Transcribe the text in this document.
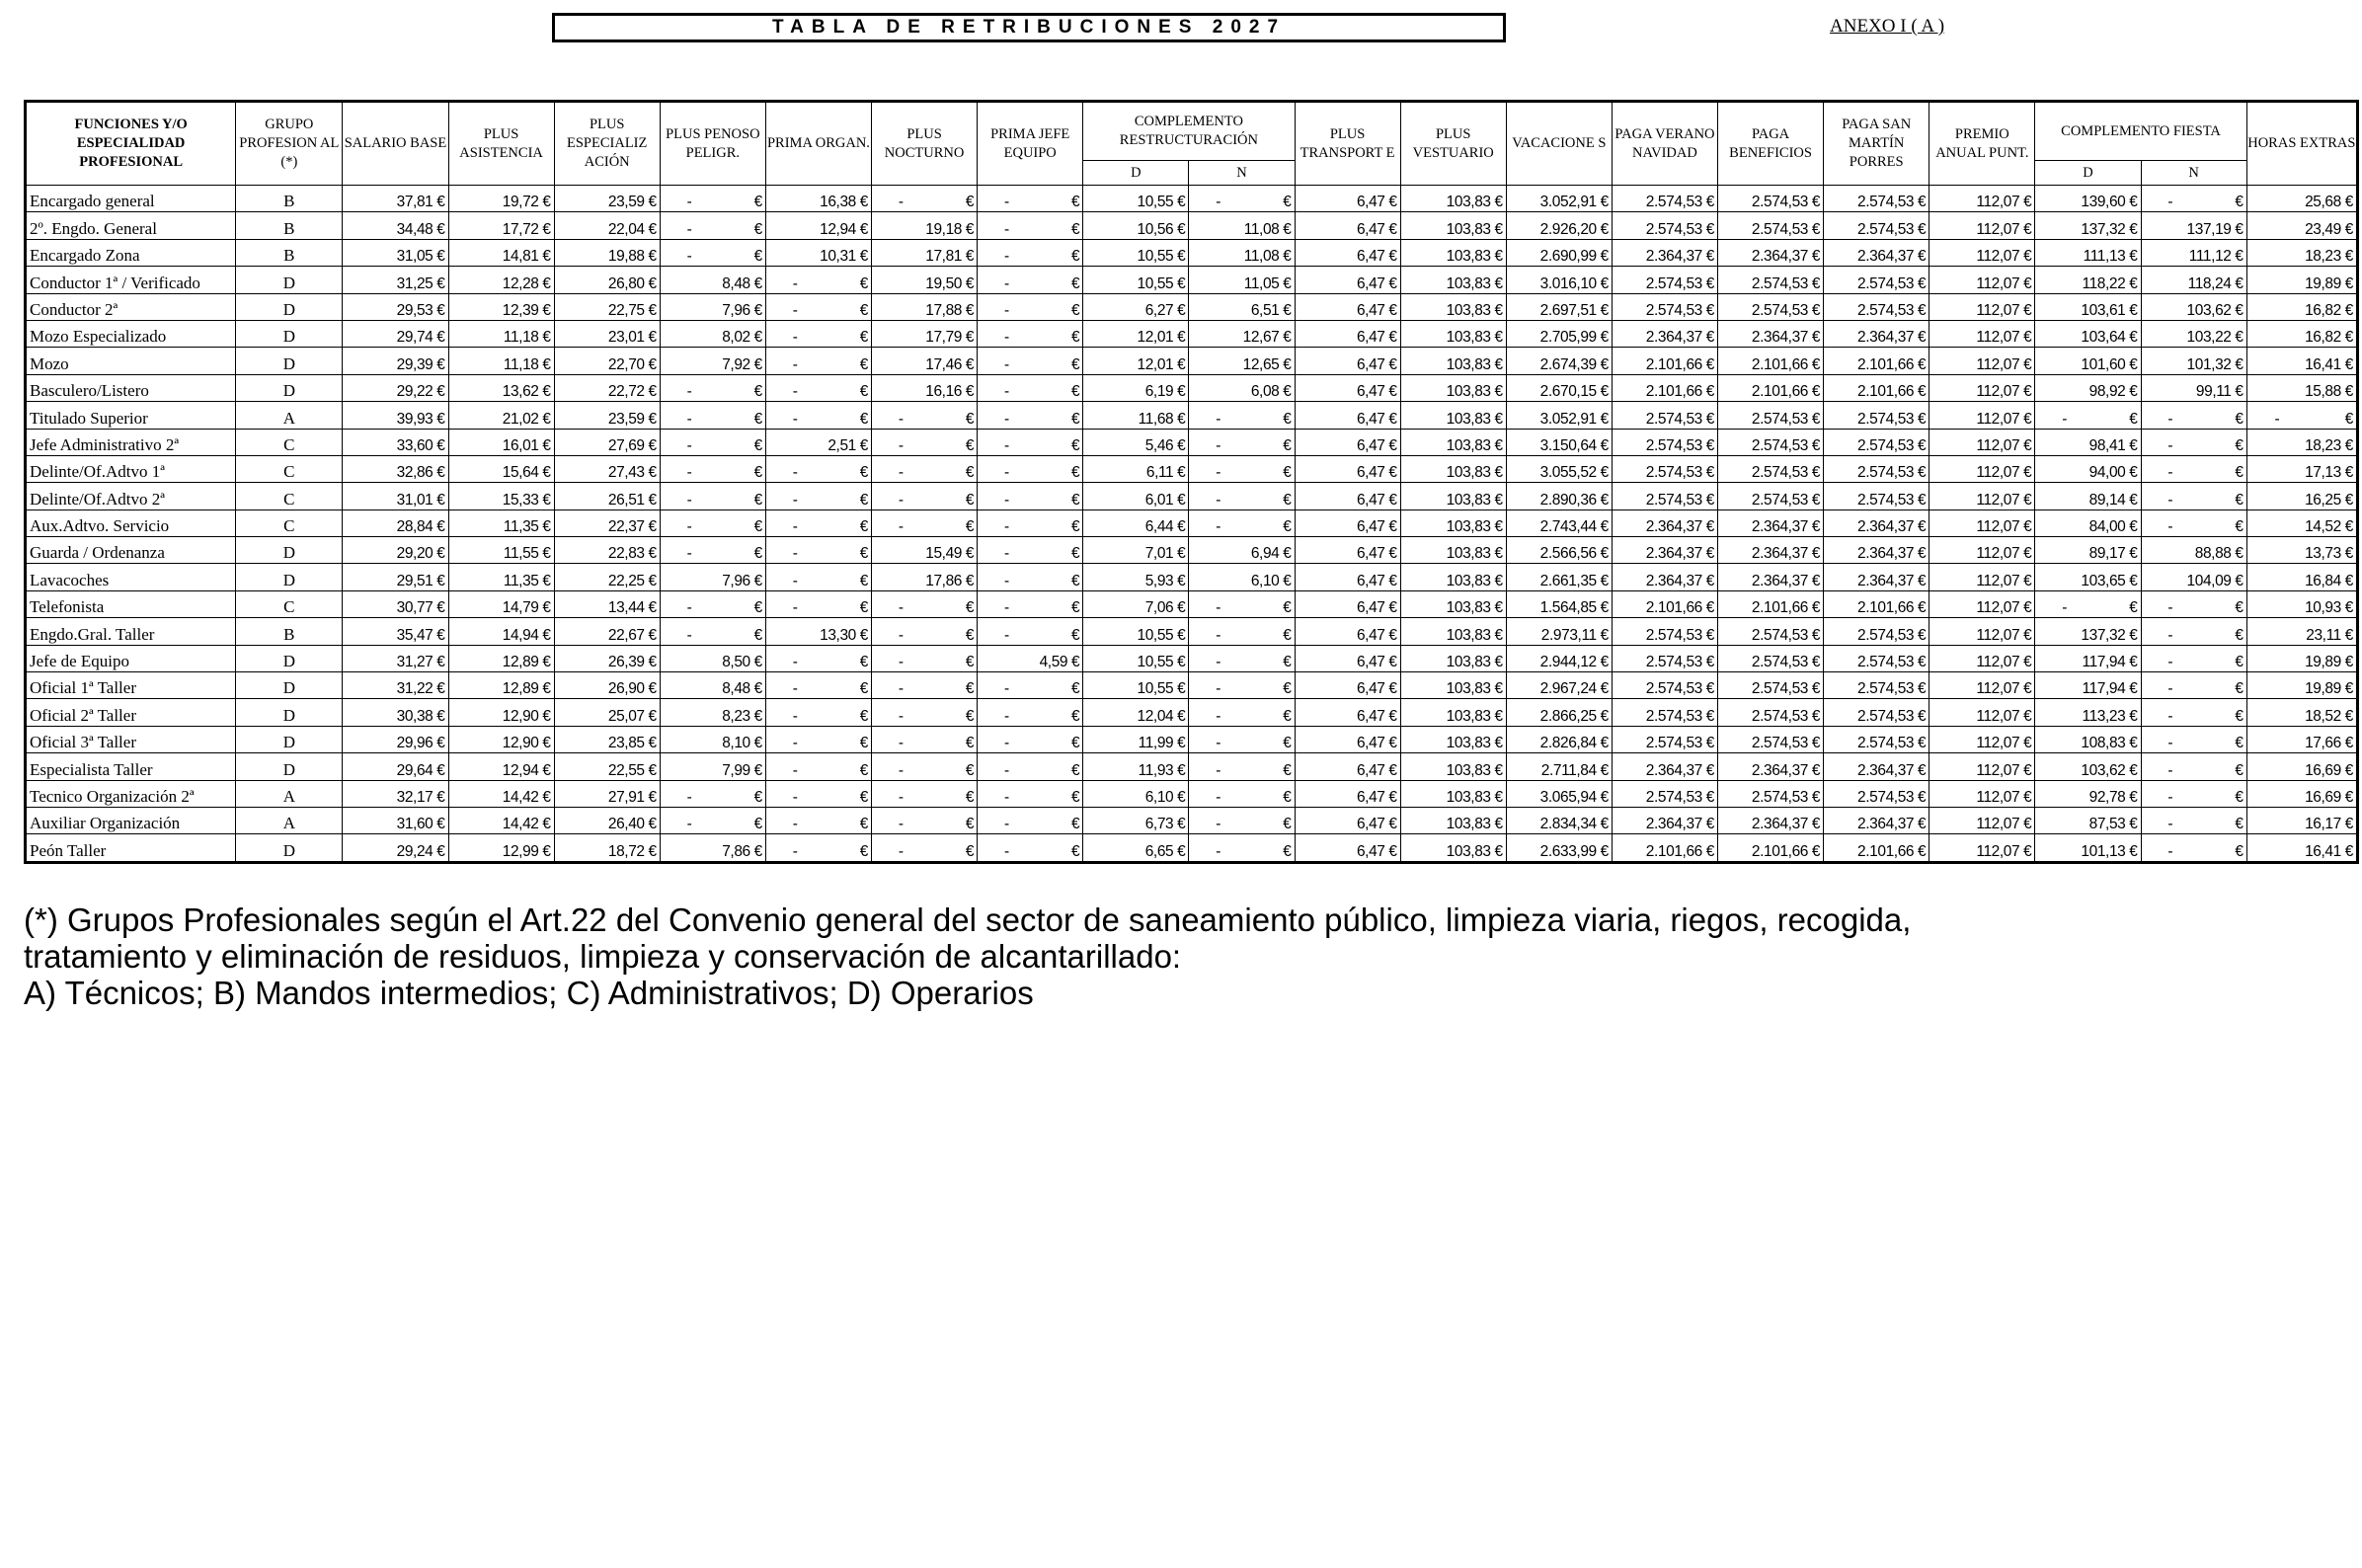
TABLA DE RETRIBUCIONES 2027	ANEXO I ( A )
FUNCIONES Y/O ESPECIALIDAD PROFESIONAL	GRUPO PROFESION AL (*)	SALARIO BASE	PLUS ASISTENCIA	PLUS ESPECIALIZ ACIÓN	PLUS PENOSO PELIGR.	PRIMA ORGAN.	PLUS NOCTURNO	PRIMA JEFE EQUIPO	COMPLEMENTO RESTRUCTURACIÓN		PLUS TRANSPORT E	PLUS VESTUARIO	VACACIONE S	PAGA VERANO NAVIDAD	PAGA BENEFICIOS	PAGA SAN MARTÍN PORRES	PREMIO ANUAL PUNT.	COMPLEMENTO FIESTA		HORAS EXTRAS
									D	N								D	N	
Encargado general	B	37,81 €	19,72 €	23,59 €	- €	16,38 €	- €	- €	10,55 €	- €	6,47 €	103,83 €	3.052,91 €	2.574,53 €	2.574,53 €	2.574,53 €	112,07 €	139,60 €	- €	25,68 €
2º. Engdo. General	B	34,48 €	17,72 €	22,04 €	- €	12,94 €	19,18 €	- €	10,56 €	11,08 €	6,47 €	103,83 €	2.926,20 €	2.574,53 €	2.574,53 €	2.574,53 €	112,07 €	137,32 €	137,19 €	23,49 €
Encargado Zona	B	31,05 €	14,81 €	19,88 €	- €	10,31 €	17,81 €	- €	10,55 €	11,08 €	6,47 €	103,83 €	2.690,99 €	2.364,37 €	2.364,37 €	2.364,37 €	112,07 €	111,13 €	111,12 €	18,23 €
Conductor 1ª / Verificado	D	31,25 €	12,28 €	26,80 €	8,48 €	- €	19,50 €	- €	10,55 €	11,05 €	6,47 €	103,83 €	3.016,10 €	2.574,53 €	2.574,53 €	2.574,53 €	112,07 €	118,22 €	118,24 €	19,89 €
Conductor 2ª	D	29,53 €	12,39 €	22,75 €	7,96 €	- €	17,88 €	- €	6,27 €	6,51 €	6,47 €	103,83 €	2.697,51 €	2.574,53 €	2.574,53 €	2.574,53 €	112,07 €	103,61 €	103,62 €	16,82 €
Mozo Especializado	D	29,74 €	11,18 €	23,01 €	8,02 €	- €	17,79 €	- €	12,01 €	12,67 €	6,47 €	103,83 €	2.705,99 €	2.364,37 €	2.364,37 €	2.364,37 €	112,07 €	103,64 €	103,22 €	16,82 €
Mozo	D	29,39 €	11,18 €	22,70 €	7,92 €	- €	17,46 €	- €	12,01 €	12,65 €	6,47 €	103,83 €	2.674,39 €	2.101,66 €	2.101,66 €	2.101,66 €	112,07 €	101,60 €	101,32 €	16,41 €
Basculero/Listero	D	29,22 €	13,62 €	22,72 €	- €	- €	16,16 €	- €	6,19 €	6,08 €	6,47 €	103,83 €	2.670,15 €	2.101,66 €	2.101,66 €	2.101,66 €	112,07 €	98,92 €	99,11 €	15,88 €
Titulado Superior	A	39,93 €	21,02 €	23,59 €	- €	- €	- €	- €	11,68 €	- €	6,47 €	103,83 €	3.052,91 €	2.574,53 €	2.574,53 €	2.574,53 €	112,07 €	- €	- €	- €

Jefe Administrativo 2ª	C	33,60 €	16,01 €	27,69 €	- €	2,51 €	- €	- €	5,46 €	- €	6,47 €	103,83 €	3.150,64 €	2.574,53 €	2.574,53 €	2.574,53 €	112,07 €	98,41 €	- €	18,23 €
Delinte/Of.Adtvo 1ª	C	32,86 €	15,64 €	27,43 €	- €	- €	- €	- €	6,11 €	- €	6,47 €	103,83 €	3.055,52 €	2.574,53 €	2.574,53 €	2.574,53 €	112,07 €	94,00 €	- €	17,13 €
Delinte/Of.Adtvo 2ª	C	31,01 €	15,33 €	26,51 €	- €	- €	- €	- €	6,01 €	- €	6,47 €	103,83 €	2.890,36 €	2.574,53 €	2.574,53 €	2.574,53 €	112,07 €	89,14 €	- €	16,25 €
Aux.Adtvo. Servicio	C	28,84 €	11,35 €	22,37 €	- €	- €	- €	- €	6,44 €	- €	6,47 €	103,83 €	2.743,44 €	2.364,37 €	2.364,37 €	2.364,37 €	112,07 €	84,00 €	- €	14,52 €
Guarda / Ordenanza	D	29,20 €	11,55 €	22,83 €	- €	- €	15,49 €	- €	7,01 €	6,94 €	6,47 €	103,83 €	2.566,56 €	2.364,37 €	2.364,37 €	2.364,37 €	112,07 €	89,17 €	88,88 €	13,73 €
Lavacoches	D	29,51 €	11,35 €	22,25 €	7,96 €	- €	17,86 €	- €	5,93 €	6,10 €	6,47 €	103,83 €	2.661,35 €	2.364,37 €	2.364,37 €	2.364,37 €	112,07 €	103,65 €	104,09 €	16,84 €
Telefonista	C	30,77 €	14,79 €	13,44 €	- €	- €	- €	- €	7,06 €	- €	6,47 €	103,83 €	1.564,85 €	2.101,66 €	2.101,66 €	2.101,66 €	112,07 €	- €	- €	10,93 €
Engdo.Gral. Taller	B	35,47 €	14,94 €	22,67 €	- €	13,30 €	- €	- €	10,55 €	- €	6,47 €	103,83 €	2.973,11 €	2.574,53 €	2.574,53 €	2.574,53 €	112,07 €	137,32 €	- €	23,11 €
Jefe de Equipo	D	31,27 €	12,89 €	26,39 €	8,50 €	- €	- €	4,59 €	10,55 €	- €	6,47 €	103,83 €	2.944,12 €	2.574,53 €	2.574,53 €	2.574,53 €	112,07 €	117,94 €	- €	19,89 €
Oficial 1ª Taller	D	31,22 €	12,89 €	26,90 €	8,48 €	- €	- €	- €	10,55 €	- €	6,47 €	103,83 €	2.967,24 €	2.574,53 €	2.574,53 €	2.574,53 €	112,07 €	117,94 €	- €	19,89 €
Oficial 2ª Taller	D	30,38 €	12,90 €	25,07 €	8,23 €	- €	- €	- €	12,04 €	- €	6,47 €	103,83 €	2.866,25 €	2.574,53 €	2.574,53 €	2.574,53 €	112,07 €	113,23 €	- €	18,52 €
Oficial 3ª Taller	D	29,96 €	12,90 €	23,85 €	8,10 €	- €	- €	- €	11,99 €	- €	6,47 €	103,83 €	2.826,84 €	2.574,53 €	2.574,53 €	2.574,53 €	112,07 €	108,83 €	- €	17,66 €
Especialista Taller	D	29,64 €	12,94 €	22,55 €	7,99 €	- €	- €	- €	11,93 €	- €	6,47 €	103,83 €	2.711,84 €	2.364,37 €	2.364,37 €	2.364,37 €	112,07 €	103,62 €	- €	16,69 €
Tecnico Organización 2ª	A	32,17 €	14,42 €	27,91 €	- €	- €	- €	- €	6,10 €	- €	6,47 €	103,83 €	3.065,94 €	2.574,53 €	2.574,53 €	2.574,53 €	112,07 €	92,78 €	- €	16,69 €
Auxiliar Organización	A	31,60 €	14,42 €	26,40 €	- €	- €	- €	- €	6,73 €	- €	6,47 €	103,83 €	2.834,34 €	2.364,37 €	2.364,37 €	2.364,37 €	112,07 €	87,53 €	- €	16,17 €
Peón Taller	D	29,24 €	12,99 €	18,72 €	7,86 €	- €	- €	- €	6,65 €	- €	6,47 €	103,83 €	2.633,99 €	2.101,66 €	2.101,66 €	2.101,66 €	112,07 €	101,13 €	- €	16,41 €
(*) Grupos Profesionales según el Art.22 del Convenio general del sector de saneamiento público, limpieza viaria, riegos, recogida,
tratamiento y eliminación de residuos, limpieza y conservación de alcantarillado:
A) Técnicos; B) Mandos intermedios; C) Administrativos; D) Operarios
